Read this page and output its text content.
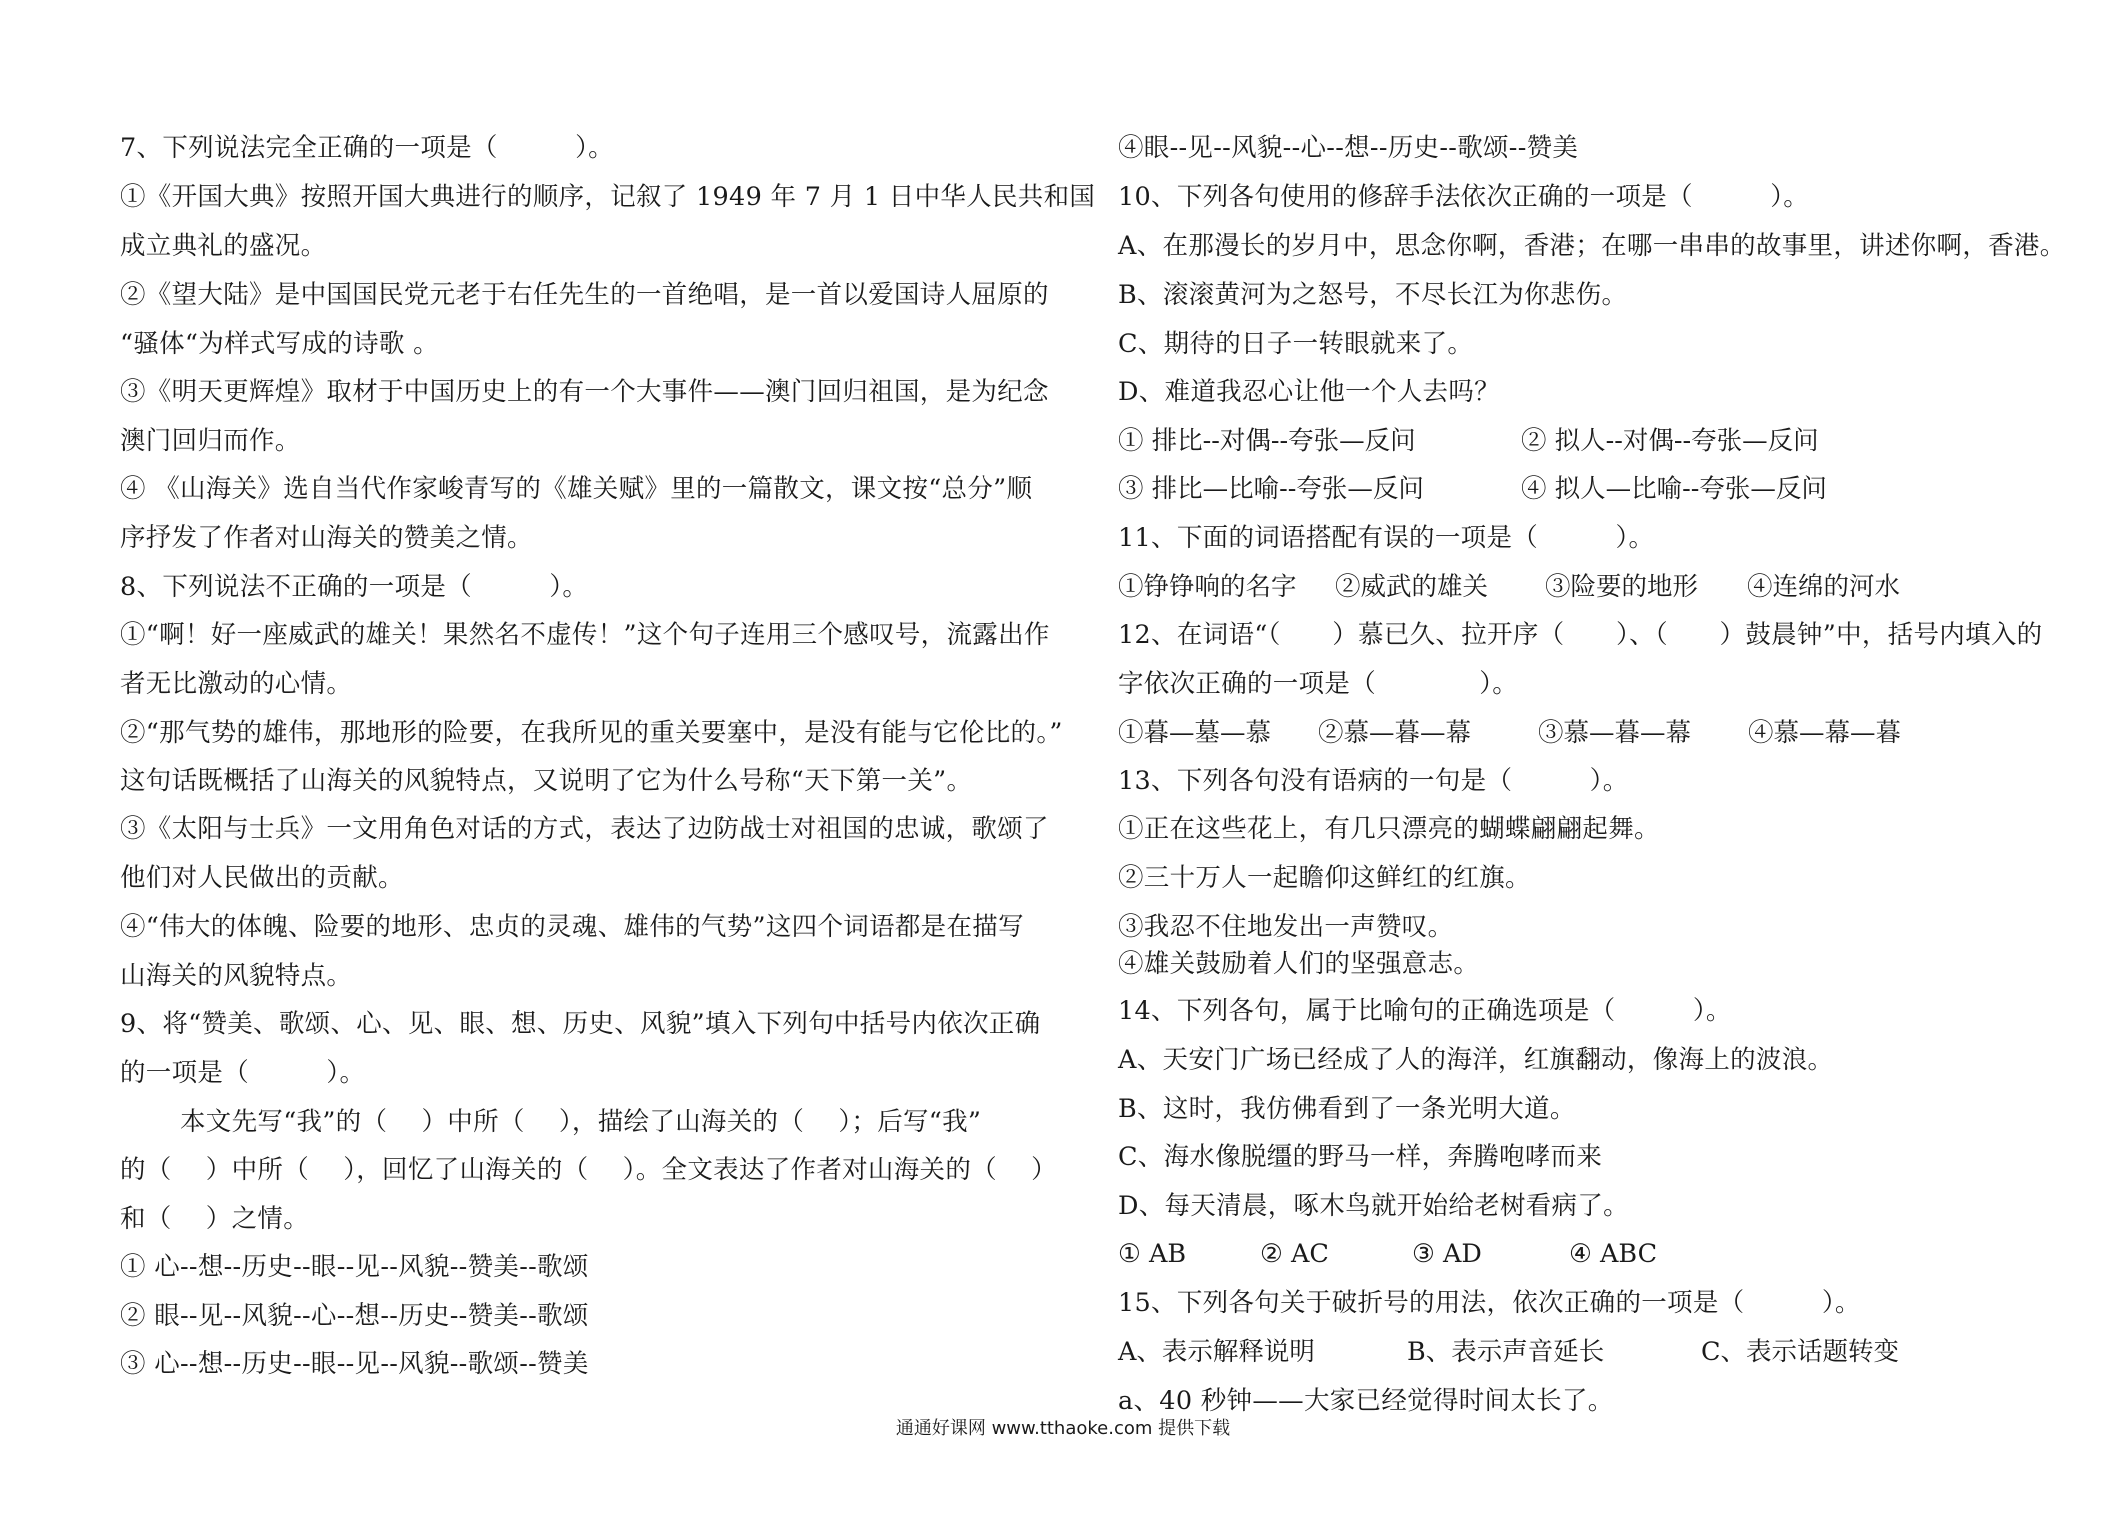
7、下列说法完全正确的一项是（　　　）。
①《开国大典》按照开国大典进行的顺序，记叙了 1949 年 7 月 1 日中华人民共和国
成立典礼的盛况。
②《望大陆》是中国国民党元老于右任先生的一首绝唱，是一首以爱国诗人屈原的
“骚体“为样式写成的诗歌 。
③《明天更辉煌》取材于中国历史上的有一个大事件——澳门回归祖国，是为纪念
澳门回归而作。
④ 《山海关》选自当代作家峻青写的《雄关赋》里的一篇散文，课文按“总分”顺
序抒发了作者对山海关的赞美之情。
8、下列说法不正确的一项是（　　　）。
①“啊！好一座威武的雄关！果然名不虚传！”这个句子连用三个感叹号，流露出作
者无比激动的心情。
②“那气势的雄伟，那地形的险要，在我所见的重关要塞中，是没有能与它伦比的。”
这句话既概括了山海关的风貌特点，又说明了它为什么号称“天下第一关”。
③《太阳与士兵》一文用角色对话的方式，表达了边防战士对祖国的忠诚，歌颂了
他们对人民做出的贡献。
④“伟大的体魄、险要的地形、忠贞的灵魂、雄伟的气势”这四个词语都是在描写
山海关的风貌特点。
9、将“赞美、歌颂、心、见、眼、想、历史、风貌”填入下列句中括号内依次正确
的一项是（　　　）。
本文先写“我”的（　 ）中所（　 ），描绘了山海关的（　 ）；后写“我”
的（　 ）中所（　 ），回忆了山海关的（　 ）。全文表达了作者对山海关的（　 ）
和（　 ）之情。
① 心--想--历史--眼--见--风貌--赞美--歌颂
② 眼--见--风貌--心--想--历史--赞美--歌颂
③ 心--想--历史--眼--见--风貌--歌颂--赞美
④眼--见--风貌--心--想--历史--歌颂--赞美
10、下列各句使用的修辞手法依次正确的一项是（　　　）。
A、在那漫长的岁月中，思念你啊，香港；在哪一串串的故事里，讲述你啊，香港。
B、滚滚黄河为之怒号，不尽长江为你悲伤。
C、期待的日子一转眼就来了。
D、难道我忍心让他一个人去吗？
① 排比--对偶--夸张—反问	② 拟人--对偶--夸张—反问
③ 排比—比喻--夸张—反问	④ 拟人—比喻--夸张—反问
11、下面的词语搭配有误的一项是（　　　）。
①铮铮响的名字 ②威武的雄关 ③险要的地形 ④连绵的河水
12、在词语“（　　）慕已久、拉开序（　　）、（　　）鼓晨钟”中，括号内填入的
字依次正确的一项是（　　　　）。
①暮—墓—慕 ②慕—暮—幕	③慕—暮—幕 ④慕—幕—暮
13、下列各句没有语病的一句是（　　　）。
①正在这些花上，有几只漂亮的蝴蝶翩翩起舞。
②三十万人一起瞻仰这鲜红的红旗。
③我忍不住地发出一声赞叹。
④雄关鼓励着人们的坚强意志。
14、下列各句，属于比喻句的正确选项是（　　　）。
A、天安门广场已经成了人的海洋，红旗翻动，像海上的波浪。
B、这时，我仿佛看到了一条光明大道。
C、海水像脱缰的野马一样，奔腾咆哮而来
D、每天清晨，啄木鸟就开始给老树看病了。
① AB	② AC	③ AD	④ ABC
15、下列各句关于破折号的用法，依次正确的一项是（　　　）。
A、表示解释说明	B、表示声音延长	C、表示话题转变
a、40 秒钟——大家已经觉得时间太长了。
通通好课网 www.tthaoke.com 提供下载
